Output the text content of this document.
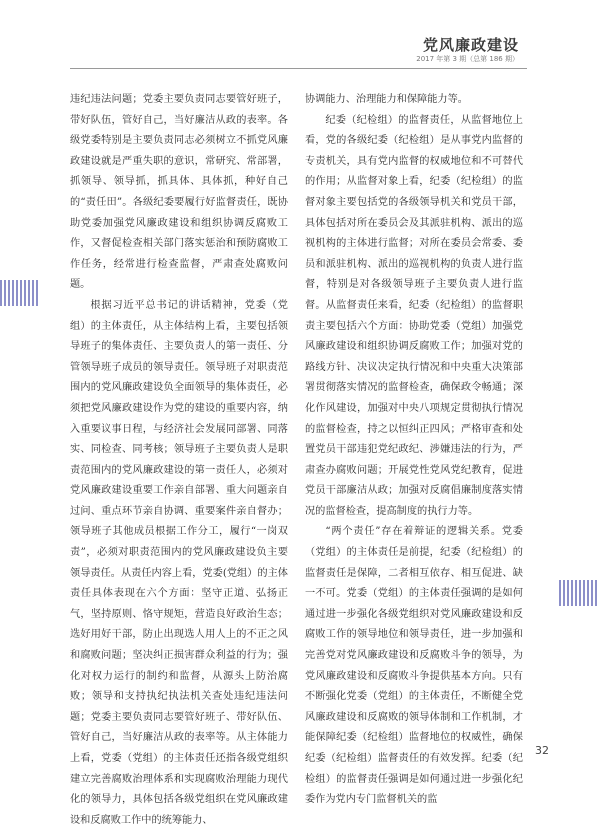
党风廉政建设
2017 年第 3 期（总第 186 期）

违纪违法问题；党委主要负责同志要管好班子，带好队伍，管好自己，当好廉洁从政的表率。各级党委特别是主要负责同志必须树立不抓党风廉政建设就是严重失职的意识，常研究、常部署，抓领导、领导抓，抓具体、具体抓，种好自己的“责任田”。各级纪委要履行好监督责任，既协助党委加强党风廉政建设和组织协调反腐败工作，又督促检查相关部门落实惩治和预防腐败工作任务，经常进行检查监督，严肃查处腐败问题。

根据习近平总书记的讲话精神，党委（党组）的主体责任，从主体结构上看，主要包括领导班子的集体责任、主要负责人的第一责任、分管领导班子成员的领导责任。领导班子对职责范围内的党风廉政建设负全面领导的集体责任，必须把党风廉政建设作为党的建设的重要内容，纳入重要议事日程，与经济社会发展同部署、同落实、同检查、同考核；领导班子主要负责人是职责范围内的党风廉政建设的第一责任人，必须对党风廉政建设重要工作亲自部署、重大问题亲自过问、重点环节亲自协调、重要案件亲自督办；领导班子其他成员根据工作分工，履行“一岗双责”，必须对职责范围内的党风廉政建设负主要领导责任。从责任内容上看，党委(党组）的主体责任具体表现在六个方面：坚守正道、弘扬正气，坚持原则、恪守规矩，营造良好政治生态；选好用好干部，防止出现选人用人上的不正之风和腐败问题；坚决纠正损害群众利益的行为；强化对权力运行的制约和监督，从源头上防治腐败；领导和支持执纪执法机关查处违纪违法问题；党委主要负责同志要管好班子、带好队伍、管好自己，当好廉洁从政的表率等。从主体能力上看，党委（党组）的主体责任还指各级党组织建立完善腐败治理体系和实现腐败治理能力现代化的领导力，具体包括各级党组织在党风廉政建设和反腐败工作中的统筹能力、

协调能力、治理能力和保障能力等。

纪委（纪检组）的监督责任，从监督地位上看，党的各级纪委（纪检组）是从事党内监督的专责机关，具有党内监督的权威地位和不可替代的作用；从监督对象上看，纪委（纪检组）的监督对象主要包括党的各级领导机关和党员干部，具体包括对所在委员会及其派驻机构、派出的巡视机构的主体进行监督；对所在委员会常委、委员和派驻机构、派出的巡视机构的负责人进行监督，特别是对各级领导班子主要负责人进行监督。从监督责任来看，纪委（纪检组）的监督职责主要包括六个方面：协助党委（党组）加强党风廉政建设和组织协调反腐败工作；加强对党的路线方针、决议决定执行情况和中央重大决策部署贯彻落实情况的监督检查，确保政令畅通；深化作风建设，加强对中央八项规定贯彻执行情况的监督检查，持之以恒纠正四风；严格审查和处置党员干部违犯党纪政纪、涉嫌违法的行为，严肃查办腐败问题；开展党性党风党纪教育，促进党员干部廉洁从政；加强对反腐倡廉制度落实情况的监督检查，提高制度的执行力等。

“两个责任”存在着辩证的逻辑关系。党委（党组）的主体责任是前提，纪委（纪检组）的监督责任是保障，二者相互依存、相互促进、缺一不可。党委（党组）的主体责任强调的是如何通过进一步强化各级党组织对党风廉政建设和反腐败工作的领导地位和领导责任，进一步加强和完善党对党风廉政建设和反腐败斗争的领导，为党风廉政建设和反腐败斗争提供基本方向。只有不断强化党委（党组）的主体责任，不断健全党风廉政建设和反腐败的领导体制和工作机制，才能保障纪委（纪检组）监督地位的权威性，确保纪委（纪检组）监督责任的有效发挥。纪委（纪检组）的监督责任强调是如何通过进一步强化纪委作为党内专门监督机关的监

32
